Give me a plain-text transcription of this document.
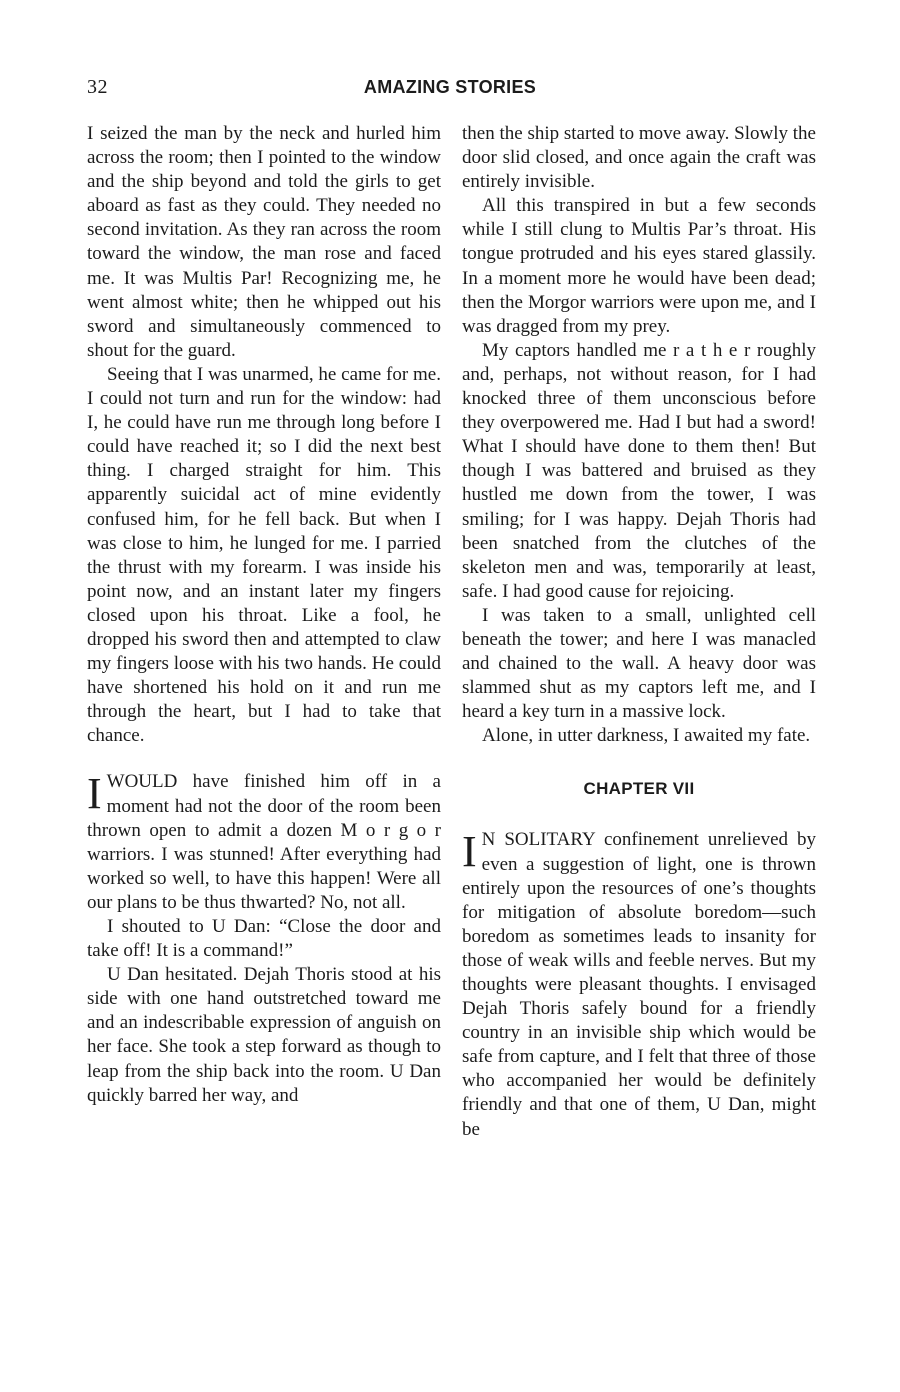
32	AMAZING STORIES

I seized the man by the neck and hurled him across the room; then I pointed to the window and the ship beyond and told the girls to get aboard as fast as they could. They needed no second invitation. As they ran across the room toward the window, the man rose and faced me. It was Multis Par! Recognizing me, he went almost white; then he whipped out his sword and simultaneously commenced to shout for the guard.

Seeing that I was unarmed, he came for me. I could not turn and run for the window: had I, he could have run me through long before I could have reached it; so I did the next best thing. I charged straight for him. This apparently suicidal act of mine evidently confused him, for he fell back. But when I was close to him, he lunged for me. I parried the thrust with my forearm. I was inside his point now, and an instant later my fingers closed upon his throat. Like a fool, he dropped his sword then and attempted to claw my fingers loose with his two hands. He could have shortened his hold on it and run me through the heart, but I had to take that chance.

IWOULD have finished him off in a moment had not the door of the room been thrown open to admit a dozen M o r g o r warriors. I was stunned! After everything had worked so well, to have this happen! Were all our plans to be thus thwarted? No, not all.

I shouted to U Dan: “Close the door and take off! It is a command!”

U Dan hesitated. Dejah Thoris stood at his side with one hand outstretched toward me and an indescribable expression of anguish on her face. She took a step forward as though to leap from the ship back into the room. U Dan quickly barred her way, and

then the ship started to move away. Slowly the door slid closed, and once again the craft was entirely invisible.

All this transpired in but a few seconds while I still clung to Multis Par’s throat. His tongue protruded and his eyes stared glassily. In a moment more he would have been dead; then the Morgor warriors were upon me, and I was dragged from my prey.

My captors handled me r a t h e r roughly and, perhaps, not without reason, for I had knocked three of them unconscious before they overpowered me. Had I but had a sword! What I should have done to them then! But though I was battered and bruised as they hustled me down from the tower, I was smiling; for I was happy. Dejah Thoris had been snatched from the clutches of the skeleton men and was, temporarily at least, safe. I had good cause for rejoicing.

I was taken to a small, unlighted cell beneath the tower; and here I was manacled and chained to the wall. A heavy door was slammed shut as my captors left me, and I heard a key turn in a massive lock.

Alone, in utter darkness, I awaited my fate.

CHAPTER VII

I N SOLITARY confinement unrelieved by even a suggestion of light, one is thrown entirely upon the resources of one’s thoughts for mitigation of absolute boredom—such boredom as sometimes leads to insanity for those of weak wills and feeble nerves. But my thoughts were pleasant thoughts. I envisaged Dejah Thoris safely bound for a friendly country in an invisible ship which would be safe from capture, and I felt that three of those who accompanied her would be definitely friendly and that one of them, U Dan, might be
